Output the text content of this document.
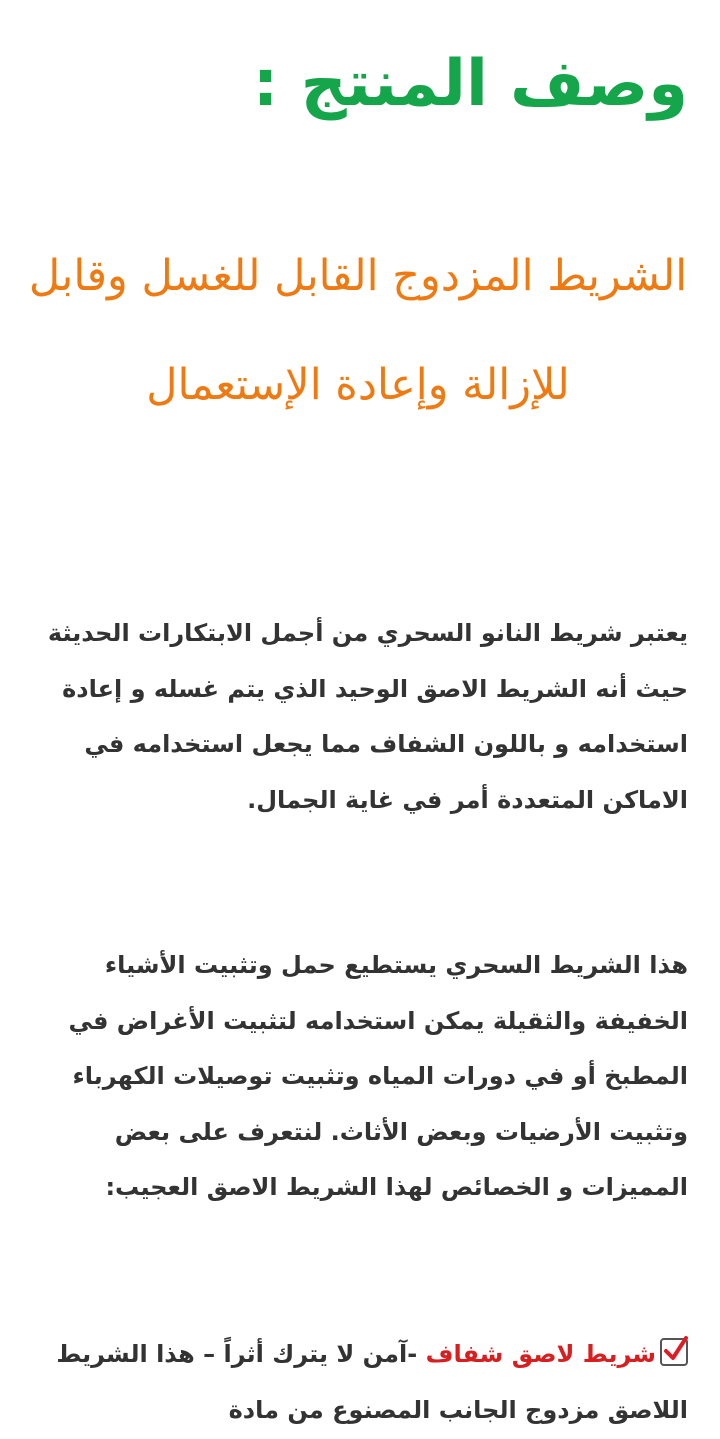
وصف المنتج :
الشريط المزدوج القابل للغسل وقابل للإزالة وإعادة الإستعمال

يعتبر شريط النانو السحري من أجمل الابتكارات الحديثة حيث أنه الشريط الاصق الوحيد الذي يتم غسله و إعادة استخدامه و باللون الشفاف مما يجعل استخدامه في الاماكن المتعددة أمر في غاية الجمال.

هذا الشريط السحري يستطيع حمل وتثبيت الأشياء الخفيفة والثقيلة يمكن استخدامه لتثبيت الأغراض في المطبخ أو في دورات المياه وتثبيت توصيلات الكهرباء وتثبيت الأرضيات وبعض الأثاث. لنتعرف على بعض المميزات و الخصائص لهذا الشريط الاصق العجيب:

شريط لاصق شفاف -آمن لا يترك أثراً – هذا الشريط اللاصق مزدوج الجانب المصنوع من مادة
